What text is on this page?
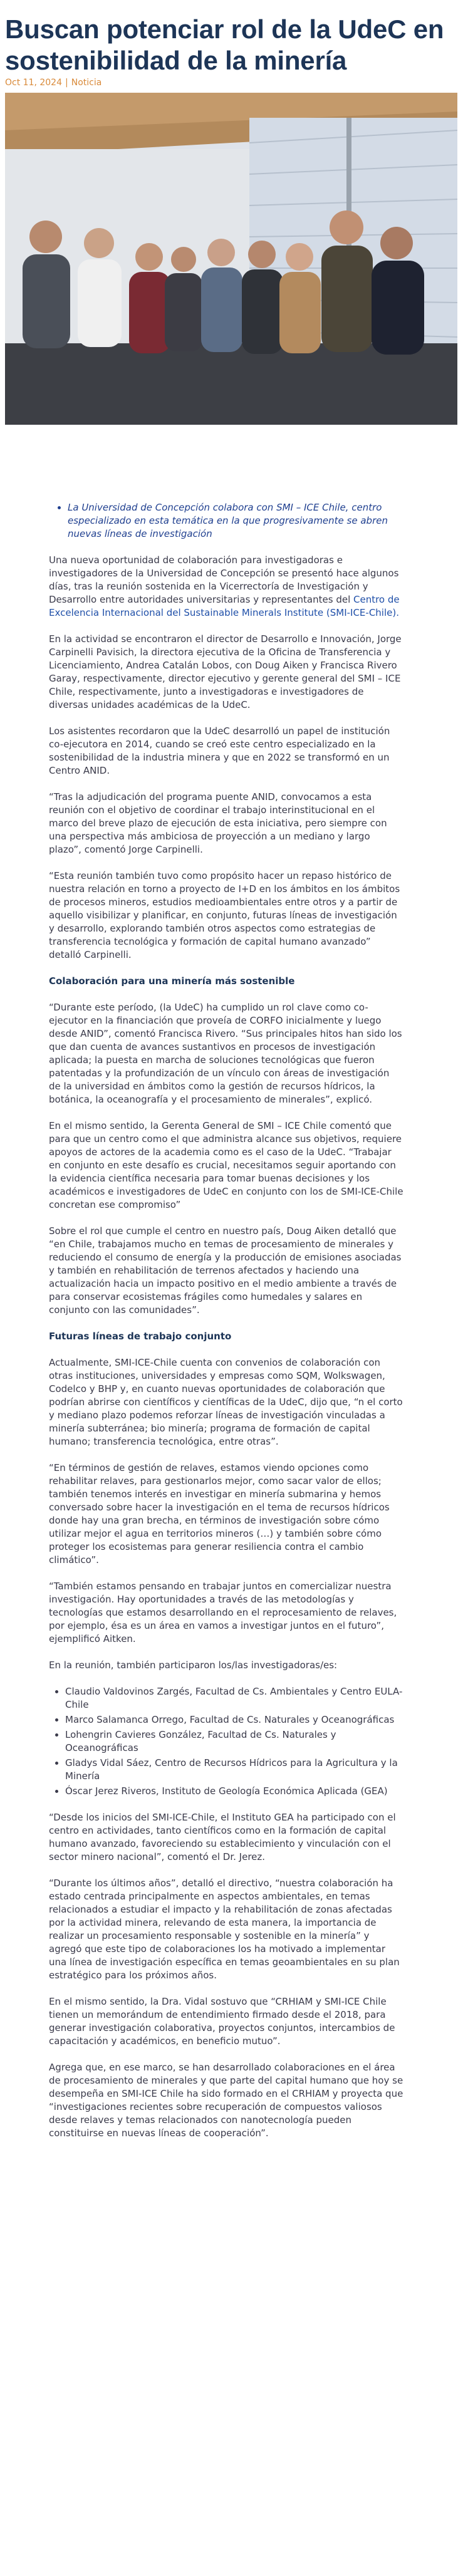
Buscan potenciar rol de la UdeC en sostenibilidad de la minería
Oct 11, 2024 | Noticia
• La Universidad de Concepción colabora con SMI – ICE Chile, centro especializado en esta temática en la que progresivamente se abren nuevas líneas de investigación

Una nueva oportunidad de colaboración para investigadoras e investigadores de la Universidad de Concepción se presentó hace algunos días, tras la reunión sostenida en la Vicerrectoría de Investigación y Desarrollo entre autoridades universitarias y representantes del Centro de Excelencia Internacional del Sustainable Minerals Institute (SMI-ICE-Chile).

En la actividad se encontraron el director de Desarrollo e Innovación, Jorge Carpinelli Pavisich, la directora ejecutiva de la Oficina de Transferencia y Licenciamiento, Andrea Catalán Lobos, con Doug Aiken y Francisca Rivero Garay, respectivamente, director ejecutivo y gerente general del SMI – ICE Chile, respectivamente, junto a investigadoras e investigadores de diversas unidades académicas de la UdeC.

Los asistentes recordaron que la UdeC desarrolló un papel de institución co-ejecutora en 2014, cuando se creó este centro especializado en la sostenibilidad de la industria minera y que en 2022 se transformó en un Centro ANID.

“Tras la adjudicación del programa puente ANID, convocamos a esta reunión con el objetivo de coordinar el trabajo interinstitucional en el marco del breve plazo de ejecución de esta iniciativa, pero siempre con una perspectiva más ambiciosa de proyección a un mediano y largo plazo”, comentó Jorge Carpinelli.

“Esta reunión también tuvo como propósito hacer un repaso histórico de nuestra relación en torno a proyecto de I+D en los ámbitos en los ámbitos de procesos mineros, estudios medioambientales entre otros y a partir de aquello visibilizar y planificar, en conjunto, futuras líneas de investigación y desarrollo, explorando también otros aspectos como estrategias de transferencia tecnológica y formación de capital humano avanzado” detalló Carpinelli.

Colaboración para una minería más sostenible

“Durante este período, (la UdeC) ha cumplido un rol clave como co-ejecutor en la financiación que proveía de CORFO inicialmente y luego desde ANID”, comentó Francisca Rivero. “Sus principales hitos han sido los que dan cuenta de avances sustantivos en procesos de investigación aplicada; la puesta en marcha de soluciones tecnológicas que fueron patentadas y la profundización de un vínculo con áreas de investigación de la universidad en ámbitos como la gestión de recursos hídricos, la botánica, la oceanografía y el procesamiento de minerales”, explicó.

En el mismo sentido, la Gerenta General de SMI – ICE Chile comentó que para que un centro como el que administra alcance sus objetivos, requiere apoyos de actores de la academia como es el caso de la UdeC. “Trabajar en conjunto en este desafío es crucial, necesitamos seguir aportando con la evidencia científica necesaria para tomar buenas decisiones y los académicos e investigadores de UdeC en conjunto con los de SMI-ICE-Chile concretan ese compromiso”

Sobre el rol que cumple el centro en nuestro país, Doug Aiken detalló que “en Chile, trabajamos mucho en temas de procesamiento de minerales y reduciendo el consumo de energía y la producción de emisiones asociadas y también en rehabilitación de terrenos afectados y haciendo una actualización hacia un impacto positivo en el medio ambiente a través de para conservar ecosistemas frágiles como humedales y salares en conjunto con las comunidades”.

Futuras líneas de trabajo conjunto

Actualmente, SMI-ICE-Chile cuenta con convenios de colaboración con otras instituciones, universidades y empresas como SQM, Wolkswagen, Codelco y BHP y, en cuanto nuevas oportunidades de colaboración que podrían abrirse con científicos y científicas de la UdeC, dijo que, “n el corto y mediano plazo podemos reforzar líneas de investigación vinculadas a minería subterránea; bio minería; programa de formación de capital humano; transferencia tecnológica, entre otras”.

“En términos de gestión de relaves, estamos viendo opciones como rehabilitar relaves, para gestionarlos mejor, como sacar valor de ellos; también tenemos interés en investigar en minería submarina y hemos conversado sobre hacer la investigación en el tema de recursos hídricos donde hay una gran brecha, en términos de investigación sobre cómo utilizar mejor el agua en territorios mineros (…) y también sobre cómo proteger los ecosistemas para generar resiliencia contra el cambio climático”.

“También estamos pensando en trabajar juntos en comercializar nuestra investigación. Hay oportunidades a través de las metodologías y tecnologías que estamos desarrollando en el reprocesamiento de relaves, por ejemplo, ésa es un área en vamos a investigar juntos en el futuro”, ejemplificó Aitken.

En la reunión, también participaron los/las investigadoras/es:

• Claudio Valdovinos Zargés, Facultad de Cs. Ambientales y Centro EULA-Chile
• Marco Salamanca Orrego, Facultad de Cs. Naturales y Oceanográficas
• Lohengrin Cavieres González, Facultad de Cs. Naturales y Oceanográficas
• Gladys Vidal Sáez, Centro de Recursos Hídricos para la Agricultura y la Minería
• Óscar Jerez Riveros, Instituto de Geología Económica Aplicada (GEA)

“Desde los inicios del SMI-ICE-Chile, el Instituto GEA ha participado con el centro en actividades, tanto científicos como en la formación de capital humano avanzado, favoreciendo su establecimiento y vinculación con el sector minero nacional”, comentó el Dr. Jerez.

“Durante los últimos años”, detalló el directivo, “nuestra colaboración ha estado centrada principalmente en aspectos ambientales, en temas relacionados a estudiar el impacto y la rehabilitación de zonas afectadas por la actividad minera, relevando de esta manera, la importancia de realizar un procesamiento responsable y sostenible en la minería” y agregó que este tipo de colaboraciones los ha motivado a implementar una línea de investigación específica en temas geoambientales en su plan estratégico para los próximos años.

En el mismo sentido, la Dra. Vidal sostuvo que “CRHIAM y SMI-ICE Chile tienen un memorándum de entendimiento firmado desde el 2018, para generar investigación colaborativa, proyectos conjuntos, intercambios de capacitación y académicos, en beneficio mutuo”.

Agrega que, en ese marco, se han desarrollado colaboraciones en el área de procesamiento de minerales y que parte del capital humano que hoy se desempeña en SMI-ICE Chile ha sido formado en el CRHIAM y proyecta que “investigaciones recientes sobre recuperación de compuestos valiosos desde relaves y temas relacionados con nanotecnología pueden constituirse en nuevas líneas de cooperación”.
